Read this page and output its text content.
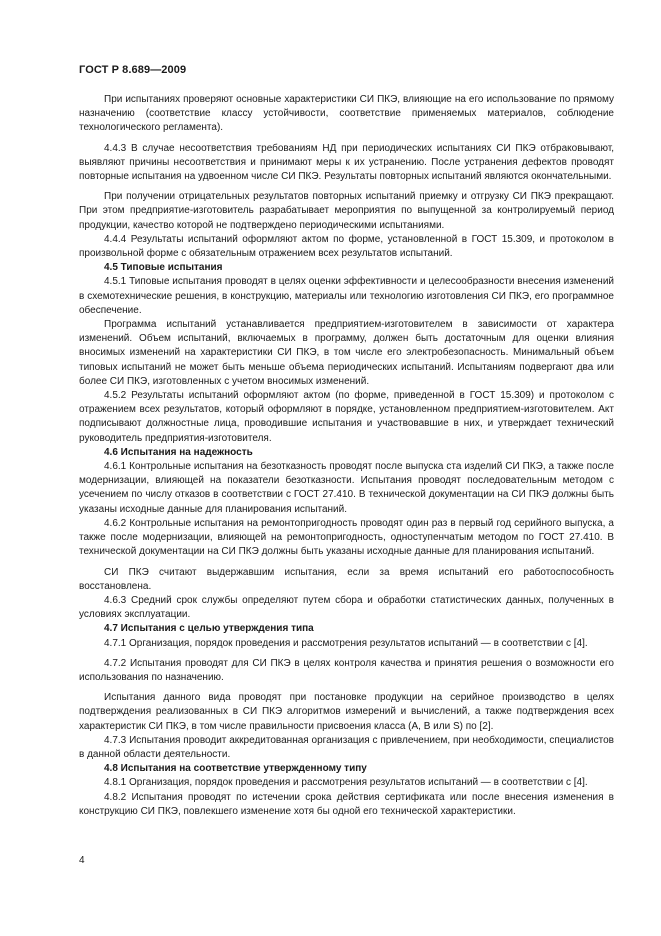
ГОСТ Р 8.689—2009

При испытаниях проверяют основные характеристики СИ ПКЭ, влияющие на его использование по прямому назначению (соответствие классу устойчивости, соответствие применяемых материалов, соблюдение технологического регламента).

4.4.3 В случае несоответствия требованиям НД при периодических испытаниях СИ ПКЭ отбраковывают, выявляют причины несоответствия и принимают меры к их устранению. После устранения дефектов проводят повторные испытания на удвоенном числе СИ ПКЭ. Результаты повторных испытаний являются окончательными.

При получении отрицательных результатов повторных испытаний приемку и отгрузку СИ ПКЭ прекращают. При этом предприятие-изготовитель разрабатывает мероприятия по выпущенной за контролируемый период продукции, качество которой не подтверждено периодическими испытаниями.

4.4.4 Результаты испытаний оформляют актом по форме, установленной в ГОСТ 15.309, и протоколом в произвольной форме с обязательным отражением всех результатов испытаний.

4.5 Типовые испытания

4.5.1 Типовые испытания проводят в целях оценки эффективности и целесообразности внесения изменений в схемотехнические решения, в конструкцию, материалы или технологию изготовления СИ ПКЭ, его программное обеспечение.

Программа испытаний устанавливается предприятием-изготовителем в зависимости от характера изменений. Объем испытаний, включаемых в программу, должен быть достаточным для оценки влияния вносимых изменений на характеристики СИ ПКЭ, в том числе его электробезопасность. Минимальный объем типовых испытаний не может быть меньше объема периодических испытаний. Испытаниям подвергают два или более СИ ПКЭ, изготовленных с учетом вносимых изменений.

4.5.2 Результаты испытаний оформляют актом (по форме, приведенной в ГОСТ 15.309) и протоколом с отражением всех результатов, который оформляют в порядке, установленном предприятием-изготовителем. Акт подписывают должностные лица, проводившие испытания и участвовавшие в них, и утверждает технический руководитель предприятия-изготовителя.

4.6 Испытания на надежность

4.6.1 Контрольные испытания на безотказность проводят после выпуска ста изделий СИ ПКЭ, а также после модернизации, влияющей на показатели безотказности. Испытания проводят последовательным методом с усечением по числу отказов в соответствии с ГОСТ 27.410. В технической документации на СИ ПКЭ должны быть указаны исходные данные для планирования испытаний.

4.6.2 Контрольные испытания на ремонтопригодность проводят один раз в первый год серийного выпуска, а также после модернизации, влияющей на ремонтопригодность, одноступенчатым методом по ГОСТ 27.410. В технической документации на СИ ПКЭ должны быть указаны исходные данные для планирования испытаний.

СИ ПКЭ считают выдержавшим испытания, если за время испытаний его работоспособность восстановлена.

4.6.3 Средний срок службы определяют путем сбора и обработки статистических данных, полученных в условиях эксплуатации.

4.7 Испытания с целью утверждения типа

4.7.1 Организация, порядок проведения и рассмотрения результатов испытаний — в соответствии с [4].

4.7.2 Испытания проводят для СИ ПКЭ в целях контроля качества и принятия решения о возможности его использования по назначению.

Испытания данного вида проводят при постановке продукции на серийное производство в целях подтверждения реализованных в СИ ПКЭ алгоритмов измерений и вычислений, а также подтверждения всех характеристик СИ ПКЭ, в том числе правильности присвоения класса (А, В или S) по [2].

4.7.3 Испытания проводит аккредитованная организация с привлечением, при необходимости, специалистов в данной области деятельности.

4.8 Испытания на соответствие утвержденному типу

4.8.1 Организация, порядок проведения и рассмотрения результатов испытаний — в соответствии с [4].

4.8.2 Испытания проводят по истечении срока действия сертификата или после внесения изменения в конструкцию СИ ПКЭ, повлекшего изменение хотя бы одной его технической характеристики.

4
